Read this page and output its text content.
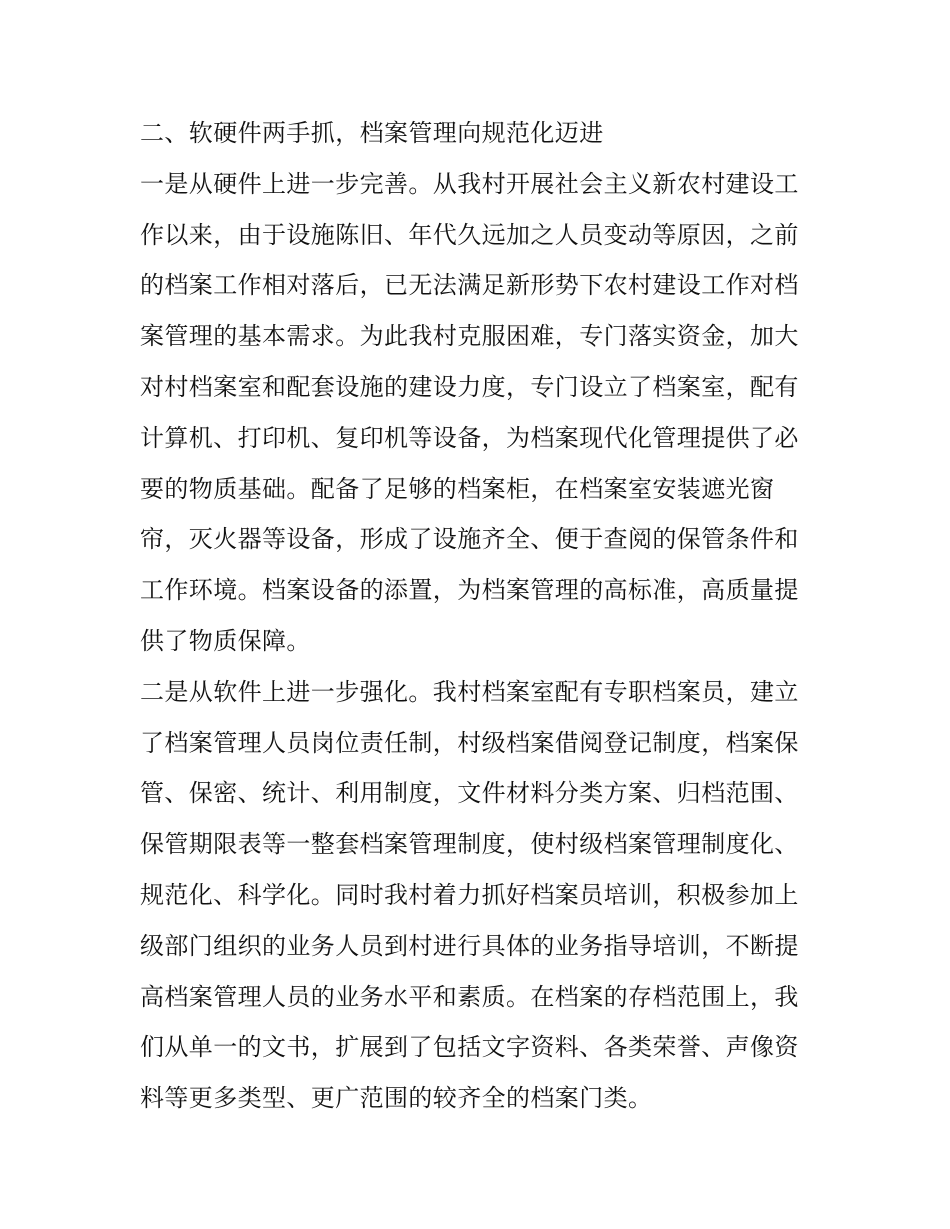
二、软硬件两手抓，档案管理向规范化迈进
一是从硬件上进一步完善。从我村开展社会主义新农村建设工
作以来，由于设施陈旧、年代久远加之人员变动等原因，之前
的档案工作相对落后，已无法满足新形势下农村建设工作对档
案管理的基本需求。为此我村克服困难，专门落实资金，加大
对村档案室和配套设施的建设力度，专门设立了档案室，配有
计算机、打印机、复印机等设备，为档案现代化管理提供了必
要的物质基础。配备了足够的档案柜，在档案室安装遮光窗
帘，灭火器等设备，形成了设施齐全、便于查阅的保管条件和
工作环境。档案设备的添置，为档案管理的高标准，高质量提
供了物质保障。
二是从软件上进一步强化。我村档案室配有专职档案员，建立
了档案管理人员岗位责任制，村级档案借阅登记制度，档案保
管、保密、统计、利用制度，文件材料分类方案、归档范围、
保管期限表等一整套档案管理制度，使村级档案管理制度化、
规范化、科学化。同时我村着力抓好档案员培训，积极参加上
级部门组织的业务人员到村进行具体的业务指导培训，不断提
高档案管理人员的业务水平和素质。在档案的存档范围上，我
们从单一的文书，扩展到了包括文字资料、各类荣誉、声像资
料等更多类型、更广范围的较齐全的档案门类。
